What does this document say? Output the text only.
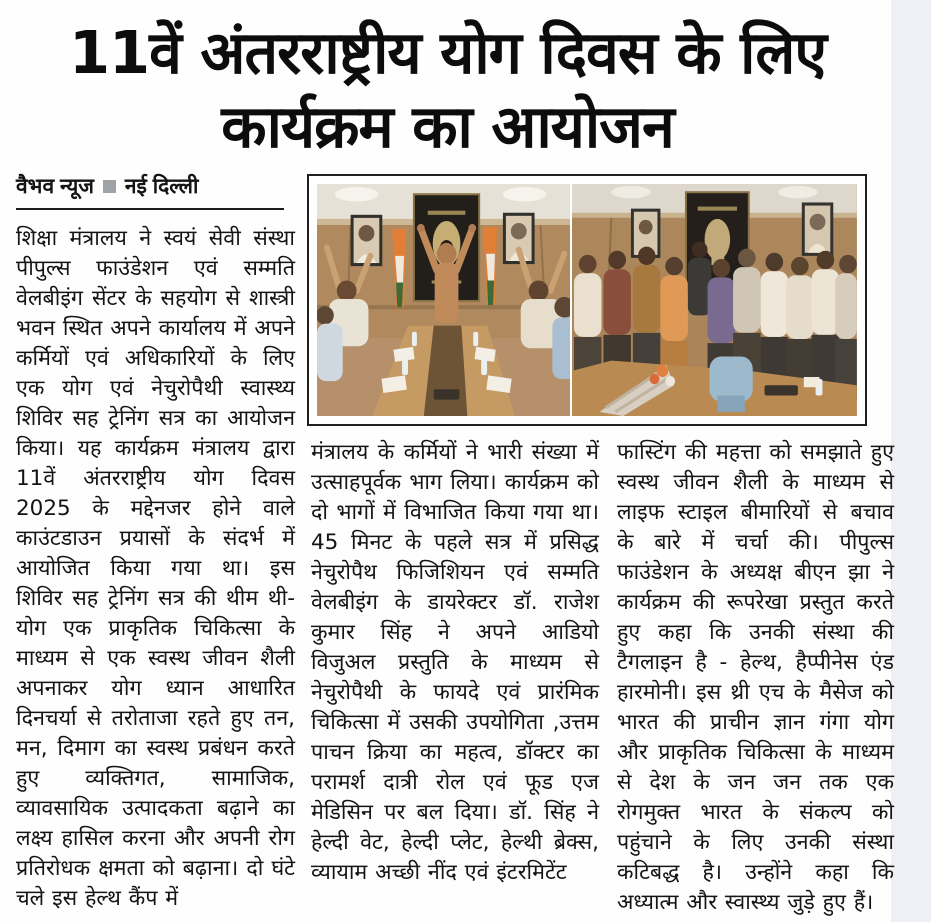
11वें अंतरराष्ट्रीय योग दिवस के लिए कार्यक्रम का आयोजन
वैभव न्यूज नई दिल्ली
शिक्षा मंत्रालय ने स्वयं सेवी संस्था पीपुल्स फाउंडेशन एवं सम्मति वेलबीइंग सेंटर के सहयोग से शास्त्री भवन स्थित अपने कार्यालय में अपने कर्मियों एवं अधिकारियों के लिए एक योग एवं नेचुरोपैथी स्वास्थ्य शिविर सह ट्रेनिंग सत्र का आयोजन किया। यह कार्यक्रम मंत्रालय द्वारा 11वें अंतरराष्ट्रीय योग दिवस 2025 के मद्देनजर होने वाले काउंटडाउन प्रयासों के संदर्भ में आयोजित किया गया था। इस शिविर सह ट्रेनिंग सत्र की थीम थी-योग एक प्राकृतिक चिकित्सा के माध्यम से एक स्वस्थ जीवन शैली अपनाकर योग ध्यान आधारित दिनचर्या से तरोताजा रहते हुए तन, मन, दिमाग का स्वस्थ प्रबंधन करते हुए व्यक्तिगत, सामाजिक, व्यावसायिक उत्पादकता बढ़ाने का लक्ष्य हासिल करना और अपनी रोग प्रतिरोधक क्षमता को बढ़ाना। दो घंटे चले इस हेल्थ कैंप में
मंत्रालय के कर्मियों ने भारी संख्या में उत्साहपूर्वक भाग लिया। कार्यक्रम को दो भागों में विभाजित किया गया था। 45 मिनट के पहले सत्र में प्रसिद्ध नेचुरोपैथ फिजिशियन एवं सम्मति वेलबीइंग के डायरेक्टर डॉ. राजेश कुमार सिंह ने अपने आडियो विजुअल प्रस्तुति के माध्यम से नेचुरोपैथी के फायदे एवं प्रारंमिक चिकित्सा में उसकी उपयोगिता ,उत्तम पाचन क्रिया का महत्व, डॉक्टर का परामर्श दात्री रोल एवं फूड एज मेडिसिन पर बल दिया। डॉ. सिंह ने हेल्दी वेट, हेल्दी प्लेट, हेल्थी ब्रेक्स, व्यायाम अच्छी नींद एवं इंटरमिटेंट
फास्टिंग की महत्ता को समझाते हुए स्वस्थ जीवन शैली के माध्यम से लाइफ स्टाइल बीमारियों से बचाव के बारे में चर्चा की। पीपुल्स फाउंडेशन के अध्यक्ष बीएन झा ने कार्यक्रम की रूपरेखा प्रस्तुत करते हुए कहा कि उनकी संस्था की टैगलाइन है - हेल्थ, हैप्पीनेस एंड हारमोनी। इस थ्री एच के मैसेज को भारत की प्राचीन ज्ञान गंगा योग और प्राकृतिक चिकित्सा के माध्यम से देश के जन जन तक एक रोगमुक्त भारत के संकल्प को पहुंचाने के लिए उनकी संस्था कटिबद्ध है। उन्होंने कहा कि अध्यात्म और स्वास्थ्य जुड़े हुए हैं।
